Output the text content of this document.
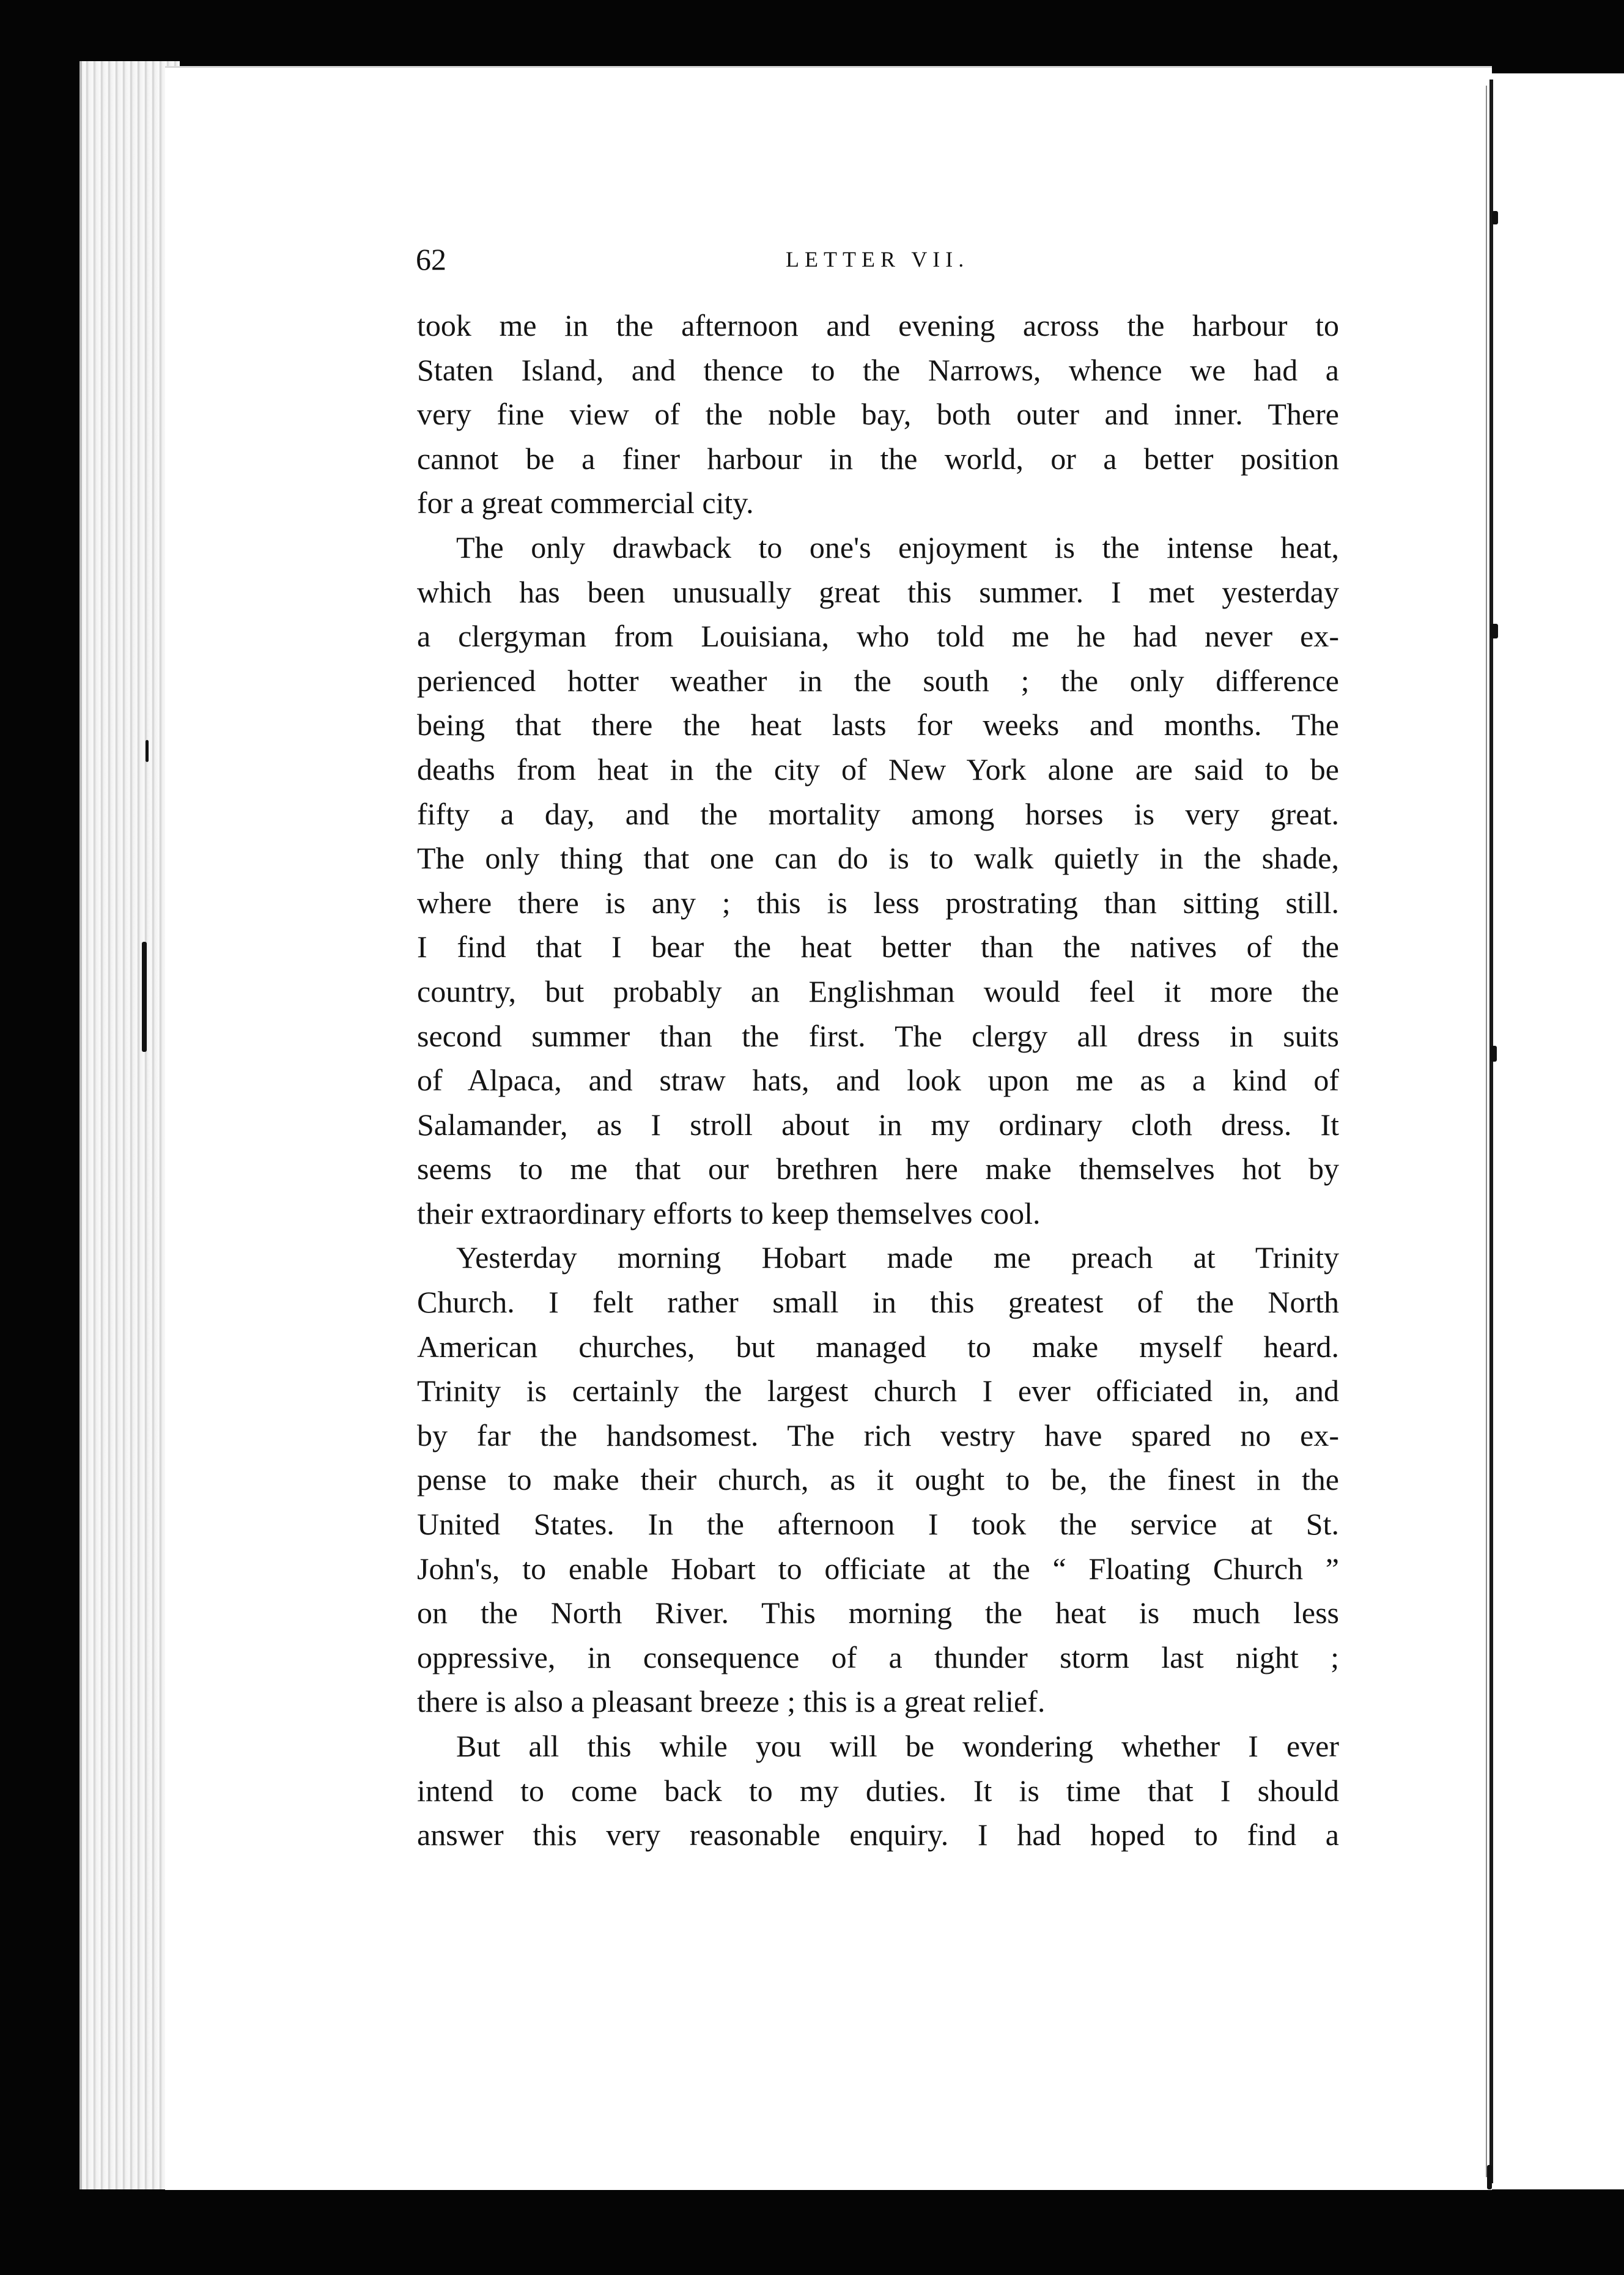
62	LETTER VII.
took me in the afternoon and evening across the harbour to
Staten Island, and thence to the Narrows, whence we had a
very fine view of the noble bay, both outer and inner. There
cannot be a finer harbour in the world, or a better position
for a great commercial city.
The only drawback to one's enjoyment is the intense heat,
which has been unusually great this summer. I met yesterday
a clergyman from Louisiana, who told me he had never ex-
perienced hotter weather in the south ; the only difference
being that there the heat lasts for weeks and months. The
deaths from heat in the city of New York alone are said to be
fifty a day, and the mortality among horses is very great.
The only thing that one can do is to walk quietly in the shade,
where there is any ; this is less prostrating than sitting still.
I find that I bear the heat better than the natives of the
country, but probably an Englishman would feel it more the
second summer than the first. The clergy all dress in suits
of Alpaca, and straw hats, and look upon me as a kind of
Salamander, as I stroll about in my ordinary cloth dress. It
seems to me that our brethren here make themselves hot by
their extraordinary efforts to keep themselves cool.
Yesterday morning Hobart made me preach at Trinity
Church. I felt rather small in this greatest of the North
American churches, but managed to make myself heard.
Trinity is certainly the largest church I ever officiated in, and
by far the handsomest. The rich vestry have spared no ex-
pense to make their church, as it ought to be, the finest in the
United States. In the afternoon I took the service at St.
John's, to enable Hobart to officiate at the “ Floating Church ”
on the North River. This morning the heat is much less
oppressive, in consequence of a thunder storm last night ;
there is also a pleasant breeze ; this is a great relief.
But all this while you will be wondering whether I ever
intend to come back to my duties. It is time that I should
answer this very reasonable enquiry. I had hoped to find a
